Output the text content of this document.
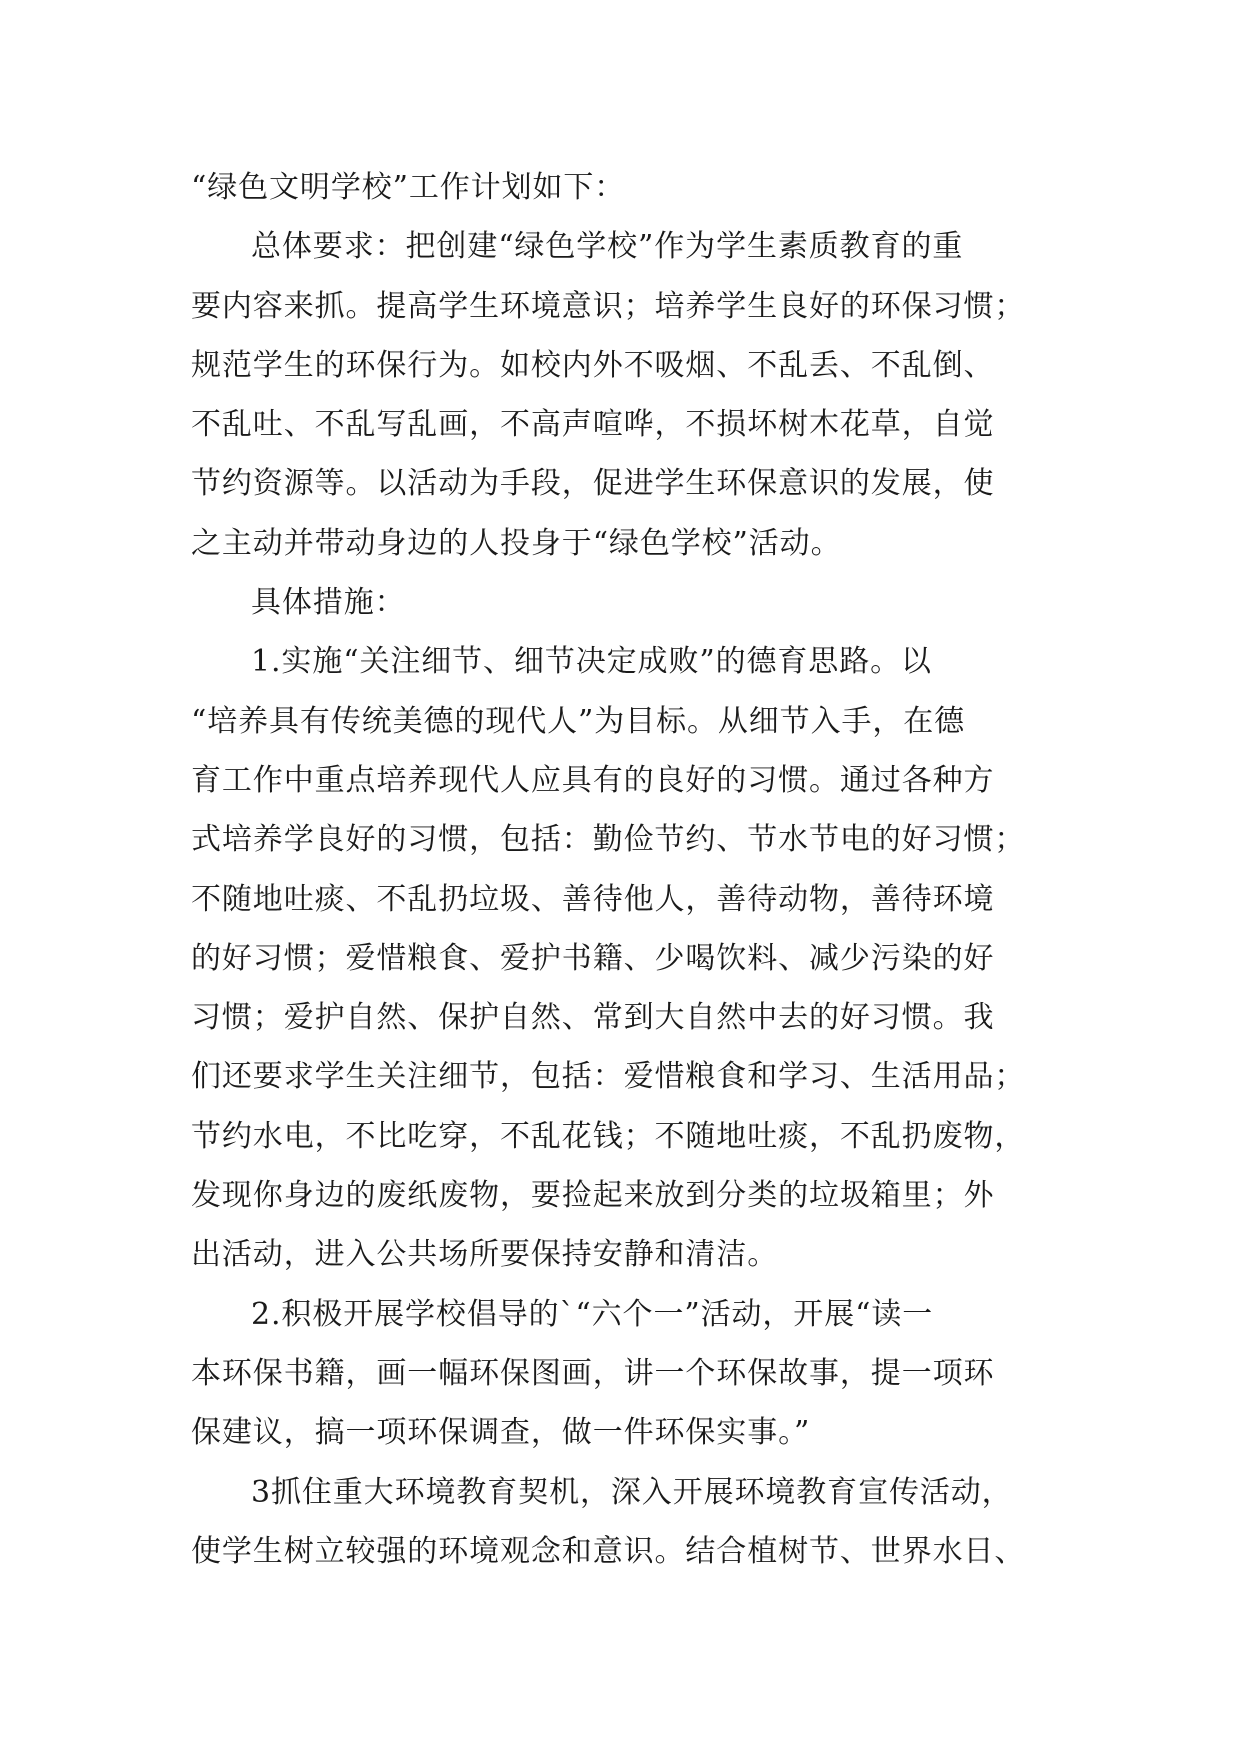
“绿色文明学校”工作计划如下：
总体要求：把创建“绿色学校”作为学生素质教育的重
要内容来抓。提高学生环境意识；培养学生良好的环保习惯；
规范学生的环保行为。如校内外不吸烟、不乱丢、不乱倒、
不乱吐、不乱写乱画，不高声喧哗，不损坏树木花草，自觉
节约资源等。以活动为手段，促进学生环保意识的发展，使
之主动并带动身边的人投身于“绿色学校”活动。
具体措施：
1.实施“关注细节、细节决定成败”的德育思路。以
“培养具有传统美德的现代人”为目标。从细节入手，在德
育工作中重点培养现代人应具有的良好的习惯。通过各种方
式培养学良好的习惯，包括：勤俭节约、节水节电的好习惯；
不随地吐痰、不乱扔垃圾、善待他人，善待动物，善待环境
的好习惯；爱惜粮食、爱护书籍、少喝饮料、减少污染的好
习惯；爱护自然、保护自然、常到大自然中去的好习惯。我
们还要求学生关注细节，包括：爱惜粮食和学习、生活用品；
节约水电，不比吃穿，不乱花钱；不随地吐痰，不乱扔废物，
发现你身边的废纸废物，要捡起来放到分类的垃圾箱里；外
出活动，进入公共场所要保持安静和清洁。
2.积极开展学校倡导的`“六个一”活动，开展“读一
本环保书籍，画一幅环保图画，讲一个环保故事，提一项环
保建议，搞一项环保调查，做一件环保实事。”
3抓住重大环境教育契机，深入开展环境教育宣传活动，
使学生树立较强的环境观念和意识。结合植树节、世界水日、
